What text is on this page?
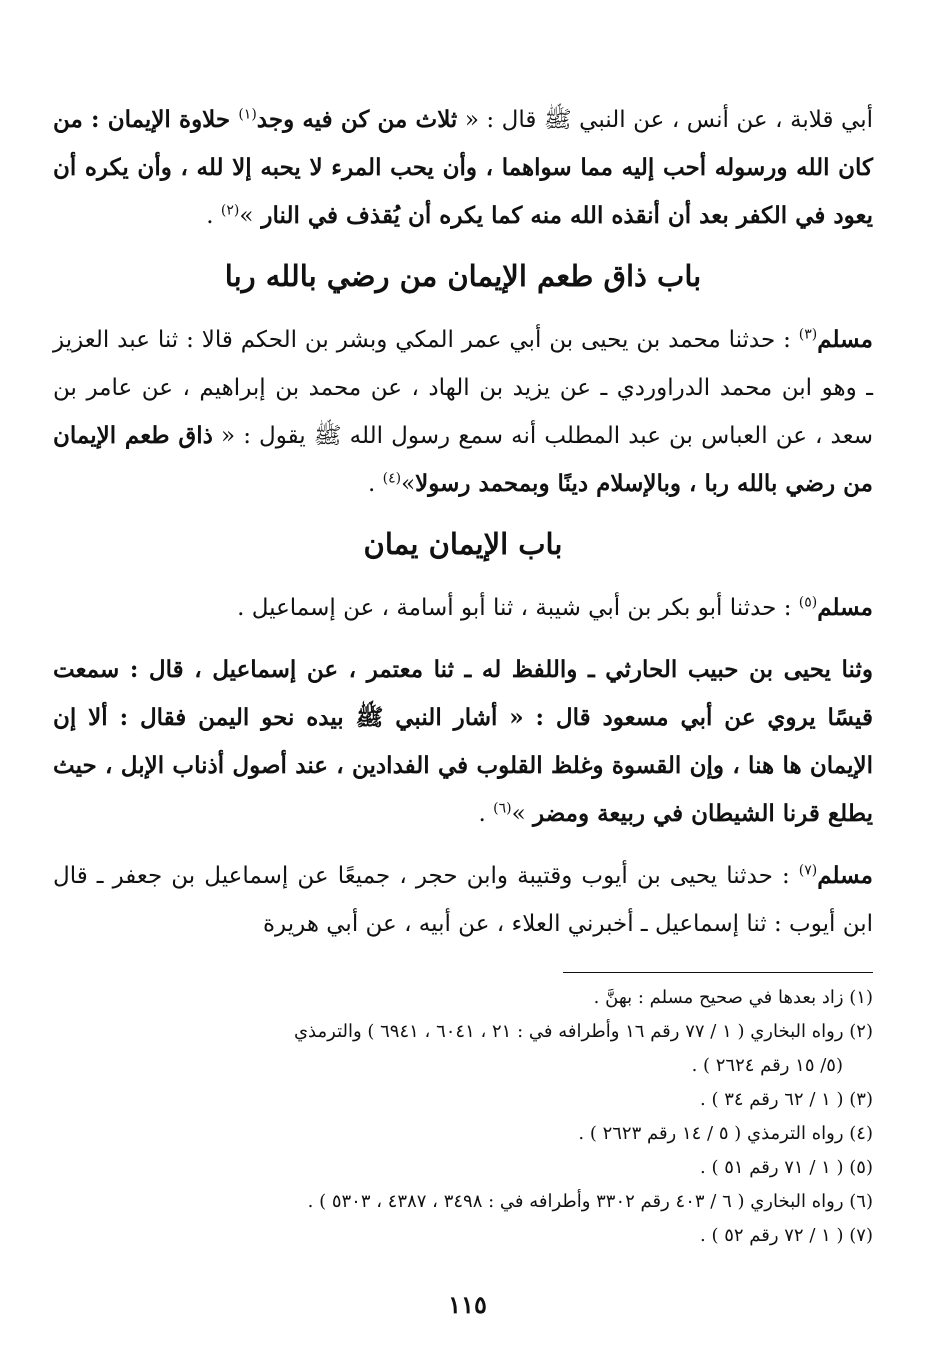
أبي قلابة ، عن أنس ، عن النبي ﷺ قال : « ثلاث من كن فيه وجد$^{(١)}$ حلاوة الإيمان : من كان الله ورسوله أحب إليه مما سواهما ، وأن يحب المرء لا يحبه إلا لله ، وأن يكره أن يعود في الكفر بعد أن أنقذه الله منه كما يكره أن يُقذف في النار »$^{(٢)}$ .

باب ذاق طعم الإيمان من رضي بالله ربا

مسلم$^{(٣)}$ : حدثنا محمد بن يحيى بن أبي عمر المكي وبشر بن الحكم قالا : ثنا عبد العزيز ـ وهو ابن محمد الدراوردي ـ عن يزيد بن الهاد ، عن محمد بن إبراهيم ، عن عامر بن سعد ، عن العباس بن عبد المطلب أنه سمع رسول الله ﷺ يقول : « ذاق طعم الإيمان من رضي بالله ربا ، وبالإسلام دينًا وبمحمد رسولا»$^{(٤)}$ .

باب الإيمان يمان

مسلم$^{(٥)}$ : حدثنا أبو بكر بن أبي شيبة ، ثنا أبو أسامة ، عن إسماعيل .

وثنا يحيى بن حبيب الحارثي ـ واللفظ له ـ ثنا معتمر ، عن إسماعيل ، قال : سمعت قيسًا يروي عن أبي مسعود قال : « أشار النبي ﷺ بيده نحو اليمن فقال : ألا إن الإيمان ها هنا ، وإن القسوة وغلظ القلوب في الفدادين ، عند أصول أذناب الإبل ، حيث يطلع قرنا الشيطان في ربيعة ومضر »$^{(٦)}$ .

مسلم$^{(٧)}$ : حدثنا يحيى بن أيوب وقتيبة وابن حجر ، جميعًا عن إسماعيل بن جعفر ـ قال ابن أيوب : ثنا إسماعيل ـ أخبرني العلاء ، عن أبيه ، عن أبي هريرة

(١) زاد بعدها في صحيح مسلم : بهنَّ .

(٢) رواه البخاري ( ١ / ٧٧ رقم ١٦ وأطرافه في : ٢١ ، ٦٠٤١ ، ٦٩٤١ ) والترمذي

(٥/ ١٥ رقم ٢٦٢٤ ) .

(٣) ( ١ / ٦٢ رقم ٣٤ ) .

(٤) رواه الترمذي ( ٥ / ١٤ رقم ٢٦٢٣ ) .

(٥) ( ١ / ٧١ رقم ٥١ ) .

(٦) رواه البخاري ( ٦ / ٤٠٣ رقم ٣٣٠٢ وأطرافه في : ٣٤٩٨ ، ٤٣٨٧ ، ٥٣٠٣ ) .

(٧) ( ١ / ٧٢ رقم ٥٢ ) .

١١٥
